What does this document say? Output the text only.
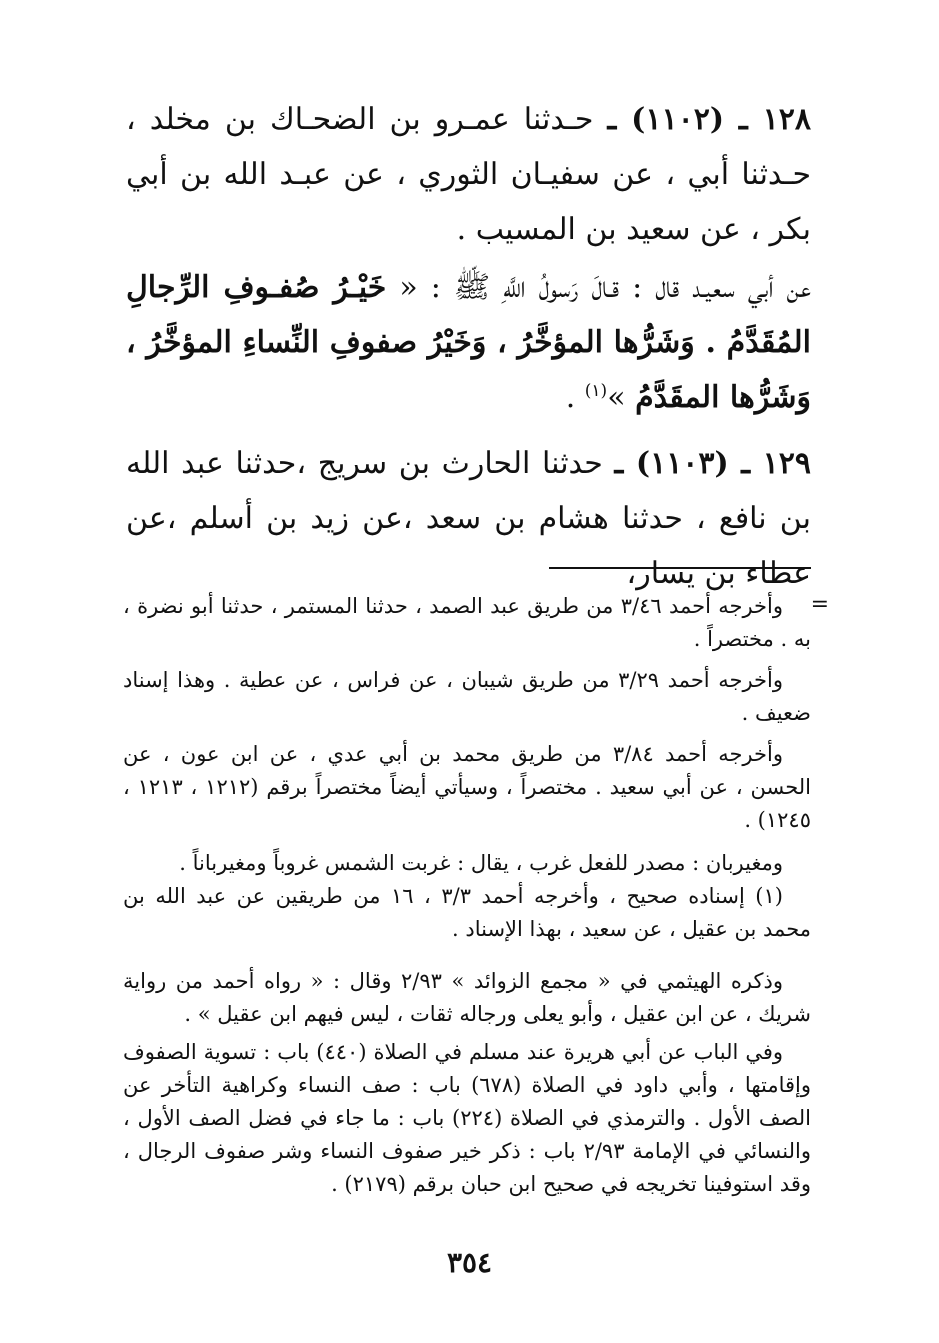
١٢٨ ـ (١١٠٢) ـ حـدثنا عمـرو بن الضحـاك بن مخلد ، حـدثنا أبي ، عن سفيـان الثوري ، عن عبـد الله بن أبي بكر ، عن سعيد بن المسيب .
عن أبي سعيـد قال : قـالَ رَسولُ اللَّهِ ﷺ : « خَيْـرُ صُفـوفِ الرِّجالِ المُقَدَّمُ . وَشَرُّها المؤخَّرُ ، وَخَيْرُ صفوفِ النِّساءِ المؤخَّرُ ، وَشَرُّها المقَدَّمُ »$^{(١)}$ .
١٢٩ ـ (١١٠٣) ـ حدثنا الحارث بن سريج ،حدثنا عبد الله بن نافع ، حدثنا هشام بن سعد ،عن زيد بن أسلم ،عن عطاء بن يسار،
=
وأخرجه أحمد ٣/٤٦ من طريق عبد الصمد ، حدثنا المستمر ، حدثنا أبو نضرة ، به . مختصراً .
وأخرجه أحمد ٣/٢٩ من طريق شيبان ، عن فراس ، عن عطية . وهذا إسناد ضعيف .
وأخرجه أحمد ٣/٨٤ من طريق محمد بن أبي عدي ، عن ابن عون ، عن الحسن ، عن أبي سعيد . مختصراً ، وسيأتي أيضاً مختصراً برقم (١٢١٢ ، ١٢١٣ ، ١٢٤٥) .
ومغيربان : مصدر للفعل غرب ، يقال : غربت الشمس غروباً ومغيرباناً .
(١) إسناده صحيح ، وأخرجه أحمد ٣/٣ ، ١٦ من طريقين عن عبد الله بن محمد بن عقيل ، عن سعيد ، بهذا الإسناد .
وذكره الهيثمي في « مجمع الزوائد » ٢/٩٣ وقال : « رواه أحمد من رواية شريك ، عن ابن عقيل ، وأبو يعلى ورجاله ثقات ، ليس فيهم ابن عقيل » .
وفي الباب عن أبي هريرة عند مسلم في الصلاة (٤٤٠) باب : تسوية الصفوف وإقامتها ، وأبي داود في الصلاة (٦٧٨) باب : صف النساء وكراهية التأخر عن الصف الأول . والترمذي في الصلاة (٢٢٤) باب : ما جاء في فضل الصف الأول ، والنسائي في الإمامة ٢/٩٣ باب : ذكر خير صفوف النساء وشر صفوف الرجال ، وقد استوفينا تخريجه في صحيح ابن حبان برقم (٢١٧٩) .
٣٥٤
